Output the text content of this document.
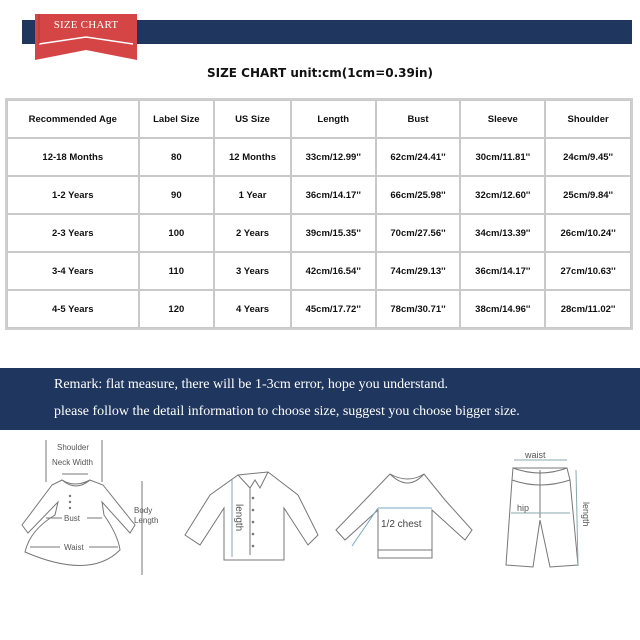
SIZE CHART
SIZE CHART unit:cm(1cm=0.39in)
Recommended Age	Label Size	US Size	Length	Bust	Sleeve	Shoulder
12-18 Months	80	12 Months	33cm/12.99''	62cm/24.41''	30cm/11.81''	24cm/9.45''
1-2 Years	90	1 Year	36cm/14.17''	66cm/25.98''	32cm/12.60''	25cm/9.84''
2-3 Years	100	2 Years	39cm/15.35''	70cm/27.56''	34cm/13.39''	26cm/10.24''
3-4 Years	110	3 Years	42cm/16.54''	74cm/29.13''	36cm/14.17''	27cm/10.63''
4-5 Years	120	4 Years	45cm/17.72''	78cm/30.71''	38cm/14.96''	28cm/11.02''

Remark: flat measure, there will be 1-3cm error, hope you understand.

please follow the detail information to choose size, suggest you choose bigger size.

Shoulder
Neck Width
Bust
Waist
Body
Length	length	1/2 chest
waist
hip	length
